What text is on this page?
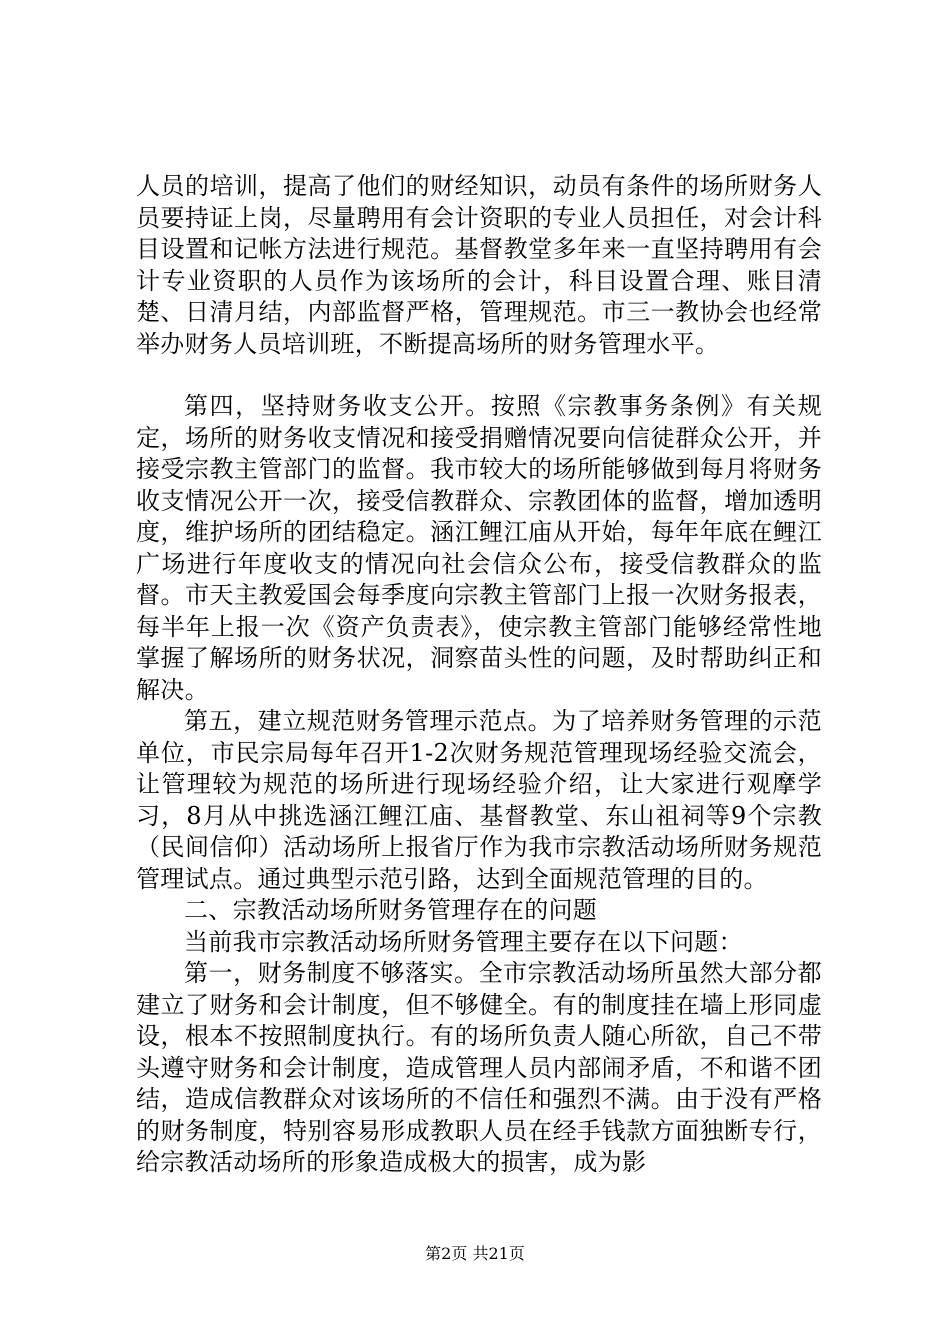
人员的培训，提高了他们的财经知识，动员有条件的场所财务人员要持证上岗，尽量聘用有会计资职的专业人员担任，对会计科目设置和记帐方法进行规范。基督教堂多年来一直坚持聘用有会计专业资职的人员作为该场所的会计，科目设置合理、账目清楚、日清月结，内部监督严格，管理规范。市三一教协会也经常举办财务人员培训班，不断提高场所的财务管理水平。

第四，坚持财务收支公开。按照《宗教事务条例》有关规定，场所的财务收支情况和接受捐赠情况要向信徒群众公开，并接受宗教主管部门的监督。我市较大的场所能够做到每月将财务收支情况公开一次，接受信教群众、宗教团体的监督，增加透明度，维护场所的团结稳定。涵江鲤江庙从开始，每年年底在鲤江广场进行年度收支的情况向社会信众公布，接受信教群众的监督。市天主教爱国会每季度向宗教主管部门上报一次财务报表，每半年上报一次《资产负责表》，使宗教主管部门能够经常性地掌握了解场所的财务状况，洞察苗头性的问题，及时帮助纠正和解决。

第五，建立规范财务管理示范点。为了培养财务管理的示范单位，市民宗局每年召开1-2次财务规范管理现场经验交流会，让管理较为规范的场所进行现场经验介绍，让大家进行观摩学习，8月从中挑选涵江鲤江庙、基督教堂、东山祖祠等9个宗教（民间信仰）活动场所上报省厅作为我市宗教活动场所财务规范管理试点。通过典型示范引路，达到全面规范管理的目的。

二、宗教活动场所财务管理存在的问题

当前我市宗教活动场所财务管理主要存在以下问题：

第一，财务制度不够落实。全市宗教活动场所虽然大部分都建立了财务和会计制度，但不够健全。有的制度挂在墙上形同虚设，根本不按照制度执行。有的场所负责人随心所欲，自己不带头遵守财务和会计制度，造成管理人员内部闹矛盾，不和谐不团结，造成信教群众对该场所的不信任和强烈不满。由于没有严格的财务制度，特别容易形成教职人员在经手钱款方面独断专行，给宗教活动场所的形象造成极大的损害，成为影

第2页 共21页
